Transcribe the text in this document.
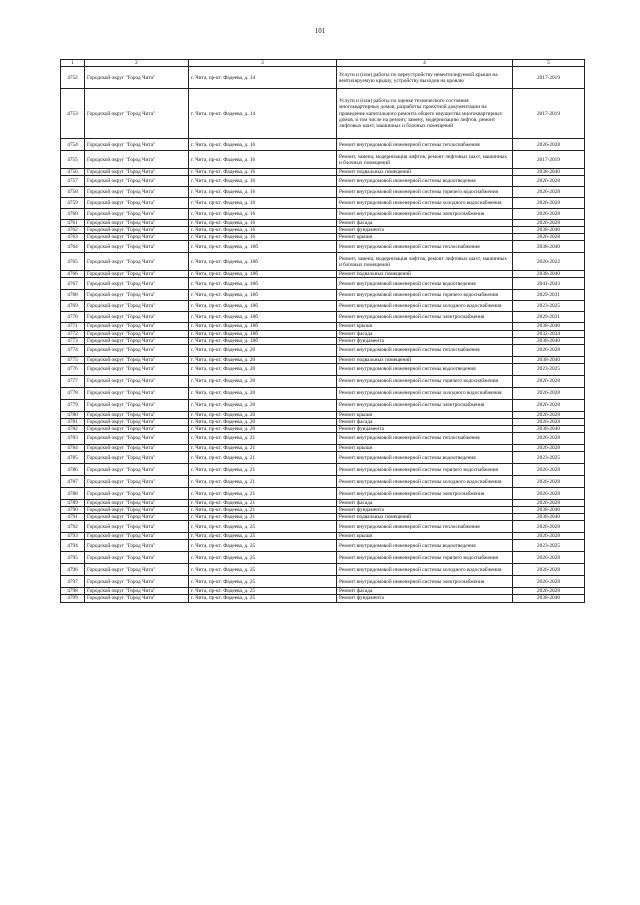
101
1	2	3	4	5
4752	Городской округ "Город Чита"	г. Чита, пр-кт. Фадеева, д. 14	Услуги и (или) работы по переустройству невентилируемой крыши на вентилируемую крышу, устройству выходов на кровлю	2017-2019
4753	Городской округ "Город Чита"	г. Чита, пр-кт. Фадеева, д. 14	Услуги и (или) работы по оценке технического состояния многоквартирных домов, разработка проектной документации на проведение капитального ремонта общего имущества многоквартирных домов, в том числе на ремонт, замену, модернизацию лифтов, ремонт лифтовых шахт, машинных и блочных помещений	2017-2019
4754	Городской округ "Город Чита"	г. Чита, пр-кт. Фадеева, д. 16	Ремонт внутридомовой инженерной системы теплоснабжения	2026-2028
4755	Городской округ "Город Чита"	г. Чита, пр-кт. Фадеева, д. 16	Ремонт, замена, модернизация лифтов, ремонт лифтовых шахт, машинных и блочных помещений	2017-2019
4756	Городской округ "Город Чита"	г. Чита, пр-кт. Фадеева, д. 16	Ремонт подвальных помещений	2038-2040
4757	Городской округ "Город Чита"	г. Чита, пр-кт. Фадеева, д. 16	Ремонт внутридомовой инженерной системы водоотведения	2026-2028
4758	Городской округ "Город Чита"	г. Чита, пр-кт. Фадеева, д. 16	Ремонт внутридомовой инженерной системы горячего водоснабжения	2026-2028
4759	Городской округ "Город Чита"	г. Чита, пр-кт. Фадеева, д. 16	Ремонт внутридомовой инженерной системы холодного водоснабжения	2026-2028
4760	Городской округ "Город Чита"	г. Чита, пр-кт. Фадеева, д. 16	Ремонт внутридомовой инженерной системы электроснабжения	2026-2028
4761	Городской округ "Город Чита"	г. Чита, пр-кт. Фадеева, д. 16	Ремонт фасада	2026-2028
4762	Городской округ "Город Чита"	г. Чита, пр-кт. Фадеева, д. 16	Ремонт фундамента	2038-2040
4763	Городской округ "Город Чита"	г. Чита, пр-кт. Фадеева, д. 16	Ремонт крыши	2026-2028
4764	Городской округ "Город Чита"	г. Чита, пр-кт. Фадеева, д. 18б	Ремонт внутридомовой инженерной системы теплоснабжения	2038-2040
4765	Городской округ "Город Чита"	г. Чита, пр-кт. Фадеева, д. 18б	Ремонт, замена, модернизация лифтов, ремонт лифтовых шахт, машинных и блочных помещений	2020-2022
4766	Городской округ "Город Чита"	г. Чита, пр-кт. Фадеева, д. 18б	Ремонт подвальных помещений	2038-2040
4767	Городской округ "Город Чита"	г. Чита, пр-кт. Фадеева, д. 18б	Ремонт внутридомовой инженерной системы водоотведения	2041-2043
4768	Городской округ "Город Чита"	г. Чита, пр-кт. Фадеева, д. 18б	Ремонт внутридомовой инженерной системы горячего водоснабжения	2029-2031
4769	Городской округ "Город Чита"	г. Чита, пр-кт. Фадеева, д. 18б	Ремонт внутридомовой инженерной системы холодного водоснабжения	2023-2025
4770	Городской округ "Город Чита"	г. Чита, пр-кт. Фадеева, д. 18б	Ремонт внутридомовой инженерной системы электроснабжения	2029-2031
4771	Городской округ "Город Чита"	г. Чита, пр-кт. Фадеева, д. 18б	Ремонт крыши	2038-2040
4772	Городской округ "Город Чита"	г. Чита, пр-кт. Фадеева, д. 18б	Ремонт фасада	2032-2034
4773	Городской округ "Город Чита"	г. Чита, пр-кт. Фадеева, д. 18б	Ремонт фундамента	2038-2040
4774	Городской округ "Город Чита"	г. Чита, пр-кт. Фадеева, д. 20	Ремонт внутридомовой инженерной системы теплоснабжения	2026-2028
4775	Городской округ "Город Чита"	г. Чита, пр-кт. Фадеева, д. 20	Ремонт подвальных помещений	2038-2040
4776	Городской округ "Город Чита"	г. Чита, пр-кт. Фадеева, д. 20	Ремонт внутридомовой инженерной системы водоотведения	2023-2025
4777	Городской округ "Город Чита"	г. Чита, пр-кт. Фадеева, д. 20	Ремонт внутридомовой инженерной системы горячего водоснабжения	2026-2028
4778	Городской округ "Город Чита"	г. Чита, пр-кт. Фадеева, д. 20	Ремонт внутридомовой инженерной системы холодного водоснабжения	2026-2028
4779	Городской округ "Город Чита"	г. Чита, пр-кт. Фадеева, д. 20	Ремонт внутридомовой инженерной системы электроснабжения	2026-2028
4780	Городской округ "Город Чита"	г. Чита, пр-кт. Фадеева, д. 20	Ремонт крыши	2026-2028
4781	Городской округ "Город Чита"	г. Чита, пр-кт. Фадеева, д. 20	Ремонт фасада	2026-2028
4782	Городской округ "Город Чита"	г. Чита, пр-кт. Фадеева, д. 20	Ремонт фундамента	2038-2040
4783	Городской округ "Город Чита"	г. Чита, пр-кт. Фадеева, д. 21	Ремонт внутридомовой инженерной системы теплоснабжения	2026-2028
4784	Городской округ "Город Чита"	г. Чита, пр-кт. Фадеева, д. 21	Ремонт крыши	2026-2028
4785	Городской округ "Город Чита"	г. Чита, пр-кт. Фадеева, д. 21	Ремонт внутридомовой инженерной системы водоотведения	2023-2025
4786	Городской округ "Город Чита"	г. Чита, пр-кт. Фадеева, д. 21	Ремонт внутридомовой инженерной системы горячего водоснабжения	2026-2028
4787	Городской округ "Город Чита"	г. Чита, пр-кт. Фадеева, д. 21	Ремонт внутридомовой инженерной системы холодного водоснабжения	2026-2028
4788	Городской округ "Город Чита"	г. Чита, пр-кт. Фадеева, д. 21	Ремонт внутридомовой инженерной системы электроснабжения	2026-2028
4789	Городской округ "Город Чита"	г. Чита, пр-кт. Фадеева, д. 21	Ремонт фасада	2026-2028
4790	Городской округ "Город Чита"	г. Чита, пр-кт. Фадеева, д. 21	Ремонт фундамента	2038-2040
4791	Городской округ "Город Чита"	г. Чита, пр-кт. Фадеева, д. 21	Ремонт подвальных помещений	2038-2040
4792	Городской округ "Город Чита"	г. Чита, пр-кт. Фадеева, д. 25	Ремонт внутридомовой инженерной системы теплоснабжения	2026-2028
4793	Городской округ "Город Чита"	г. Чита, пр-кт. Фадеева, д. 25	Ремонт крыши	2026-2028
4794	Городской округ "Город Чита"	г. Чита, пр-кт. Фадеева, д. 25	Ремонт внутридомовой инженерной системы водоотведения	2023-2025
4795	Городской округ "Город Чита"	г. Чита, пр-кт. Фадеева, д. 25	Ремонт внутридомовой инженерной системы горячего водоснабжения	2026-2028
4796	Городской округ "Город Чита"	г. Чита, пр-кт. Фадеева, д. 25	Ремонт внутридомовой инженерной системы холодного водоснабжения	2026-2028
4797	Городской округ "Город Чита"	г. Чита, пр-кт. Фадеева, д. 25	Ремонт внутридомовой инженерной системы электроснабжения	2026-2028
4798	Городской округ "Город Чита"	г. Чита, пр-кт. Фадеева, д. 25	Ремонт фасада	2026-2028
4799	Городской округ "Город Чита"	г. Чита, пр-кт. Фадеева, д. 25	Ремонт фундамента	2038-2040
